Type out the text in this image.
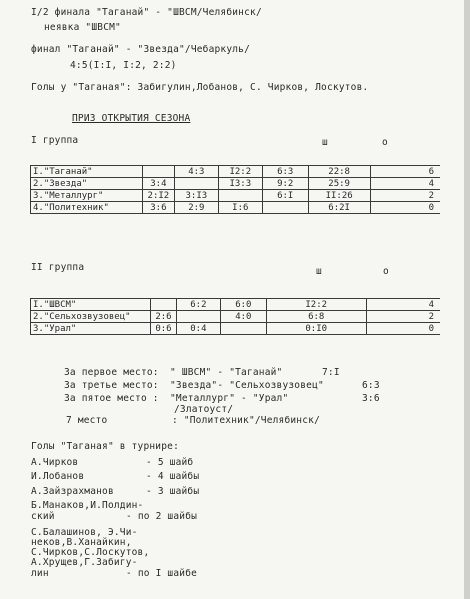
I/2 финала "Таганай" - "ШВСМ/Челябинск/
неявка "ШВСМ"
финал "Таганай" - "Звезда"/Чебаркуль/
4:5(I:I, I:2, 2:2)
Голы у "Таганая": Забигулин,Лобанов, С. Чирков, Лоскутов.
ПРИЗ ОТКРЫТИЯ СЕЗОНА
I группа	ш	о
I."Таганай"		4:3	I2:2	6:3	22:8	6
2."Звезда"	3:4		I3:3	9:2	25:9	4
3."Металлург"	2:I2	3:I3		6:I	II:26	2
4."Политехник"	3:6	2:9	I:6		6:2I	0
II группа	ш	о
I."ШВСМ"		6:2	6:0	I2:2	4
2."Сельхозвузовец"	2:6		4:0	6:8	2
3."Урал"	0:6	0:4		0:I0	0
За первое место: " ШВСМ" - "Таганай"	7:I
За третье место: "Звезда"- "Сельхозвузовец"	6:3
За пятое место : "Металлург" - "Урал"	3:6
/Златоуст/
7 место	: "Политехник"/Челябинск/
Голы "Таганая" в турнире:
А.Чирков	- 5 шайб
И.Лобанов	- 4 шайбы
А.Зайзрахманов	- 3 шайбы
Б.Манаков,И.Полдин-
ский	- по 2 шайбы
С.Балашинов, Э.Чи-
неков,В.Ханайкин,
С.Чирков,С.Лоскутов,
А.Хрущев,Г.Забигу-
лин	- по I шайбе
